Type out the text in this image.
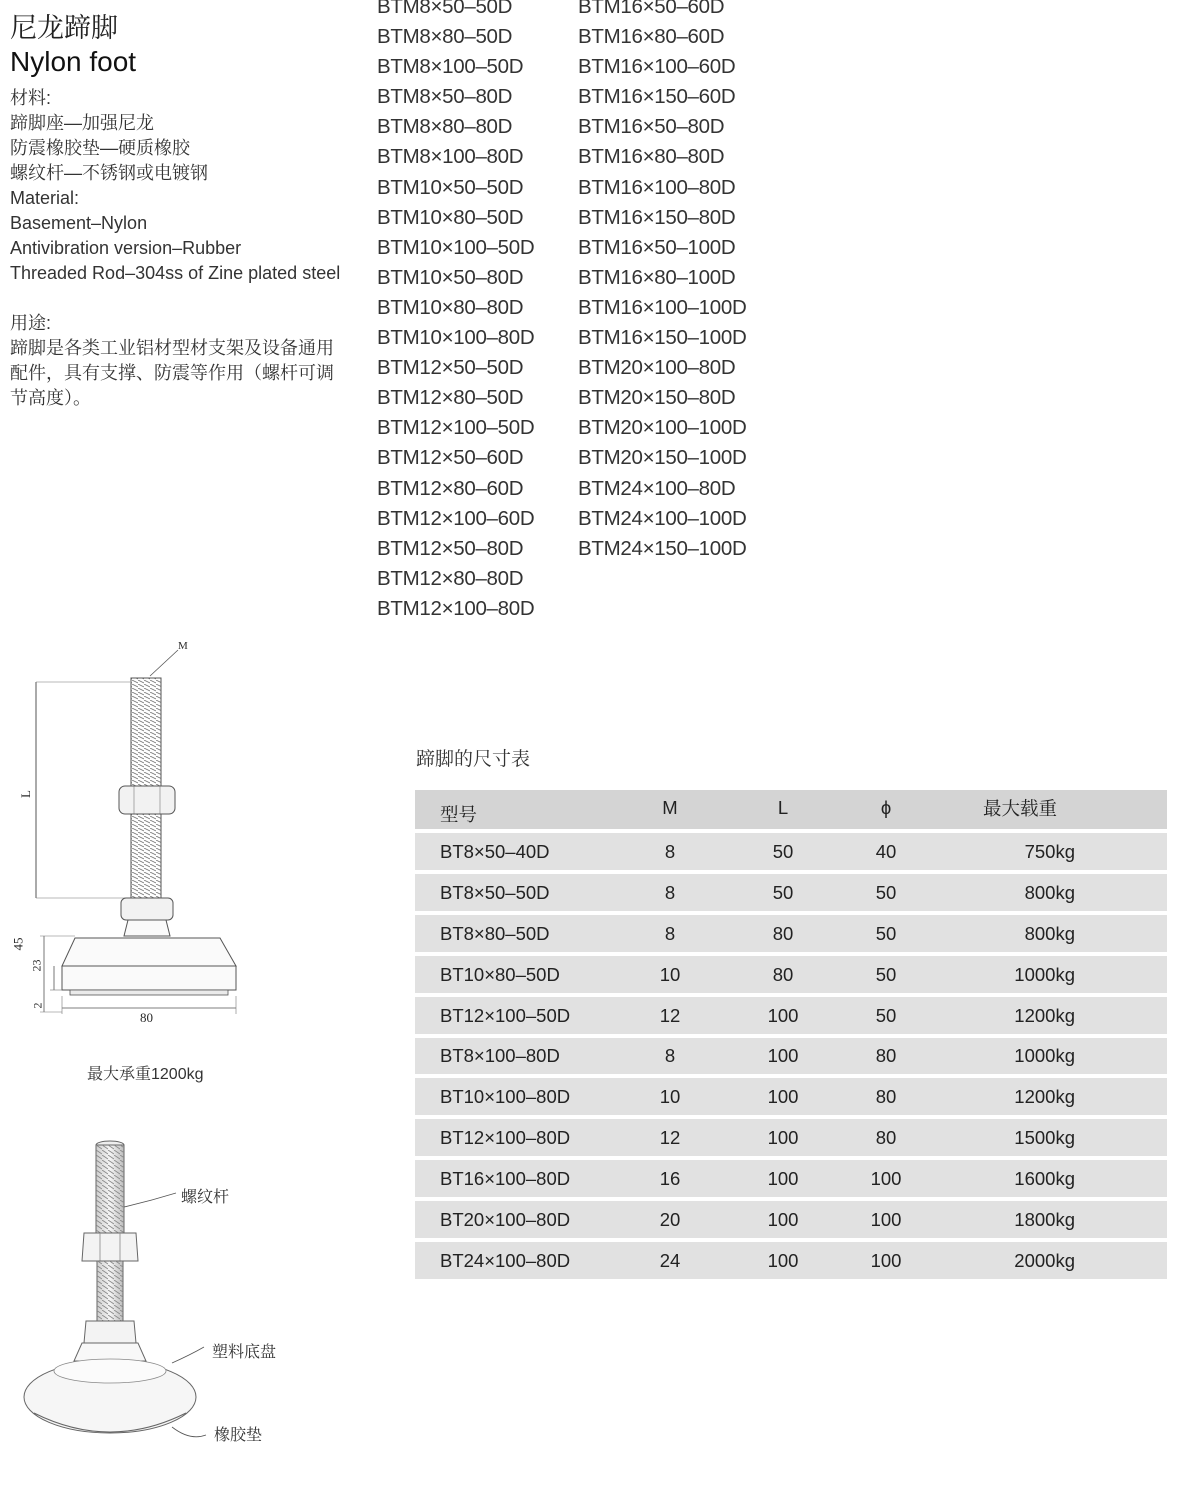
尼龙蹄脚
Nylon foot
材料:
蹄脚座—加强尼龙
防震橡胶垫—硬质橡胶
螺纹杆—不锈钢或电镀钢
Material:
Basement–Nylon
Antivibration version–Rubber
Threaded Rod–304ss of Zine plated steel
用途:
蹄脚是各类工业铝材型材支架及设备通用配件，具有支撑、防震等作用（螺杆可调节高度）。
BTM8×50–50D
BTM8×80–50D
BTM8×100–50D
BTM8×50–80D
BTM8×80–80D
BTM8×100–80D
BTM10×50–50D
BTM10×80–50D
BTM10×100–50D
BTM10×50–80D
BTM10×80–80D
BTM10×100–80D
BTM12×50–50D
BTM12×80–50D
BTM12×100–50D
BTM12×50–60D
BTM12×80–60D
BTM12×100–60D
BTM12×50–80D
BTM12×80–80D
BTM12×100–80D
BTM16×50–60D
BTM16×80–60D
BTM16×100–60D
BTM16×150–60D
BTM16×50–80D
BTM16×80–80D
BTM16×100–80D
BTM16×150–80D
BTM16×50–100D
BTM16×80–100D
BTM16×100–100D
BTM16×150–100D
BTM20×100–80D
BTM20×150–80D
BTM20×100–100D
BTM20×150–100D
BTM24×100–80D
BTM24×100–100D
BTM24×150–100D
M
L
45
23
2
80
最大承重1200kg
螺纹杆
塑料底盘
橡胶垫
蹄脚的尺寸表
型号	M	L	ϕ	最大载重
BT8×50–40D	8	50	40	750kg
BT8×50–50D	8	50	50	800kg
BT8×80–50D	8	80	50	800kg
BT10×80–50D	10	80	50	1000kg
BT12×100–50D	12	100	50	1200kg
BT8×100–80D	8	100	80	1000kg
BT10×100–80D	10	100	80	1200kg
BT12×100–80D	12	100	80	1500kg
BT16×100–80D	16	100	100	1600kg
BT20×100–80D	20	100	100	1800kg
BT24×100–80D	24	100	100	2000kg
